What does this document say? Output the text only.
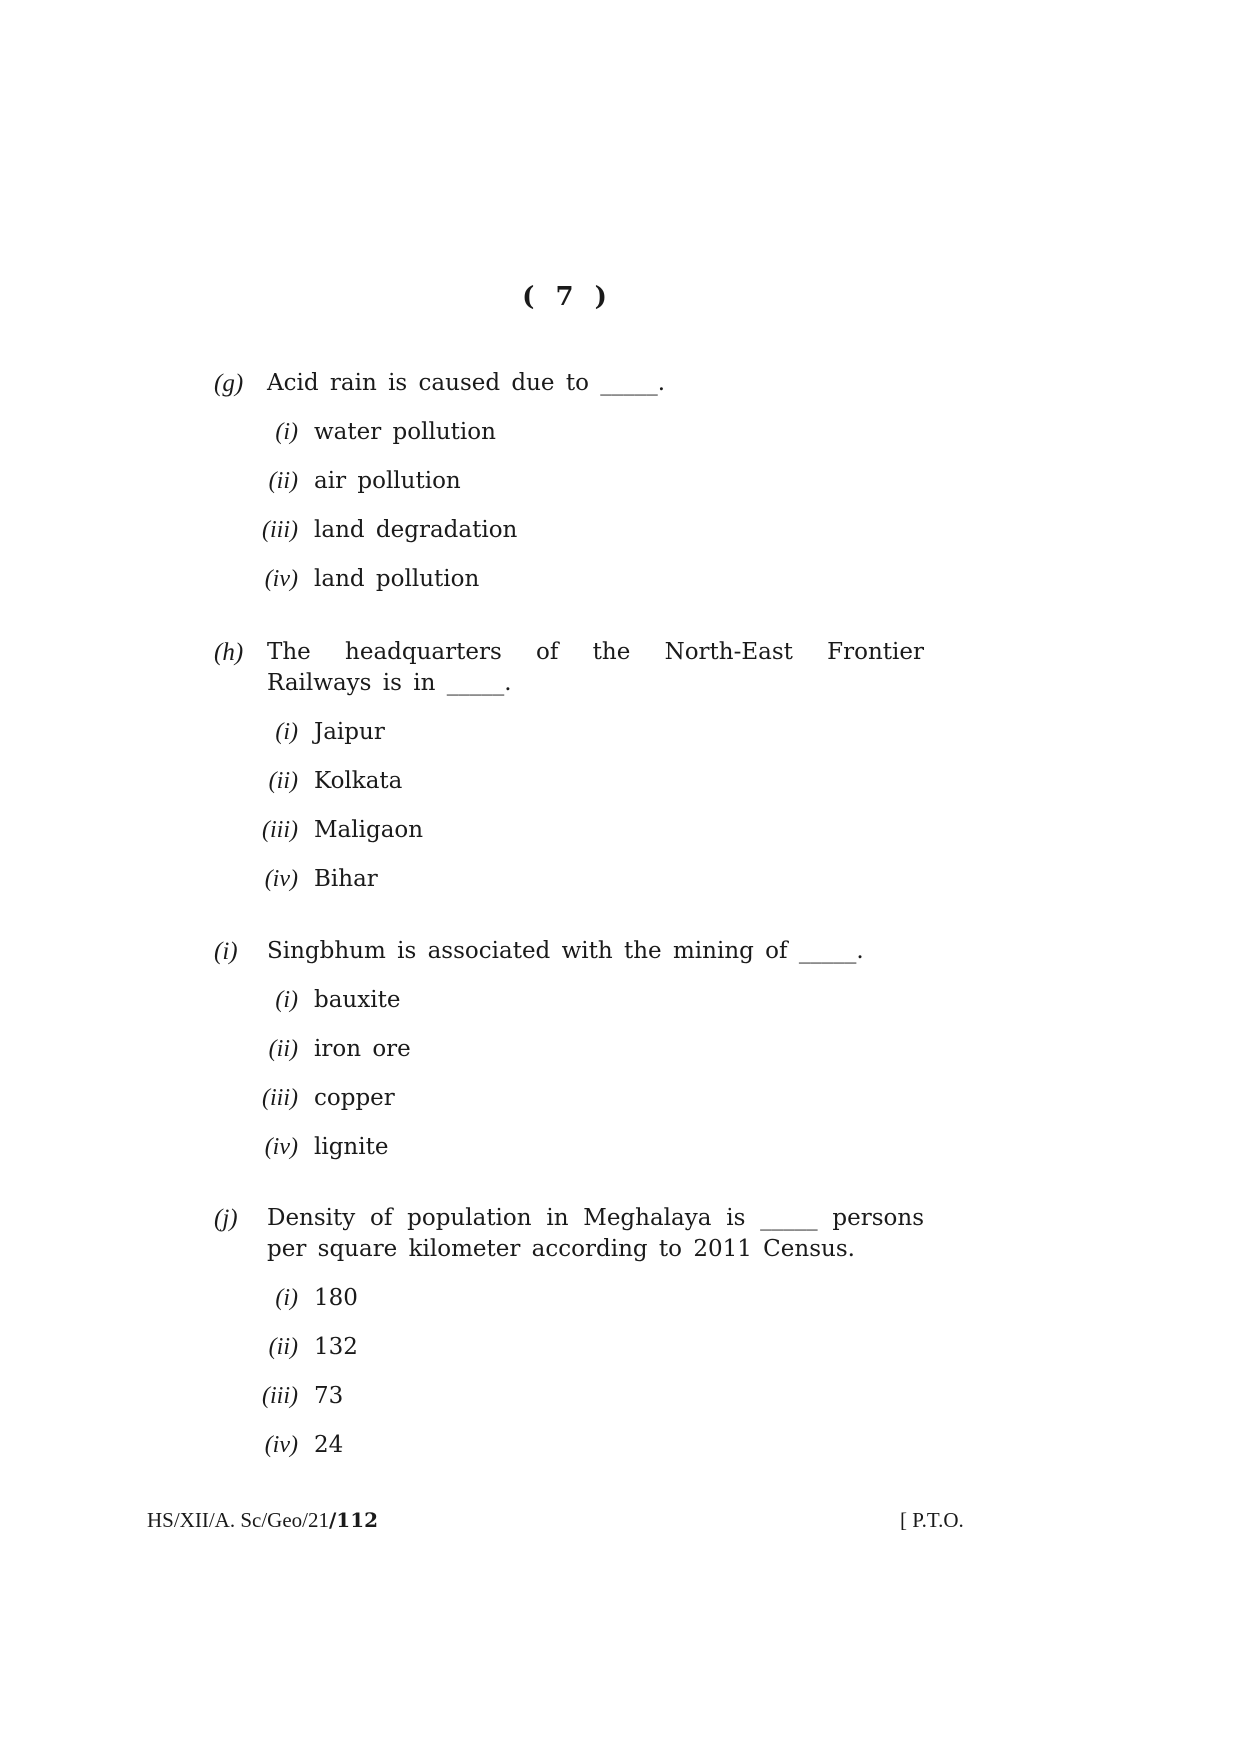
( 7 )
(g)	Acid rain is caused due to _____.
(i) water pollution
(ii) air pollution
(iii) land degradation
(iv) land pollution
(h)	The headquarters of the North-East Frontier Railways is in _____.
(i) Jaipur
(ii) Kolkata
(iii) Maligaon
(iv) Bihar
(i)	Singbhum is associated with the mining of _____.
(i) bauxite
(ii) iron ore
(iii) copper
(iv) lignite
(j)	Density of population in Meghalaya is _____ persons per square kilometer according to 2011 Census.
(i) 180
(ii) 132
(iii) 73
(iv) 24
HS/XII/A. Sc/Geo/21/112	[ P.T.O.
